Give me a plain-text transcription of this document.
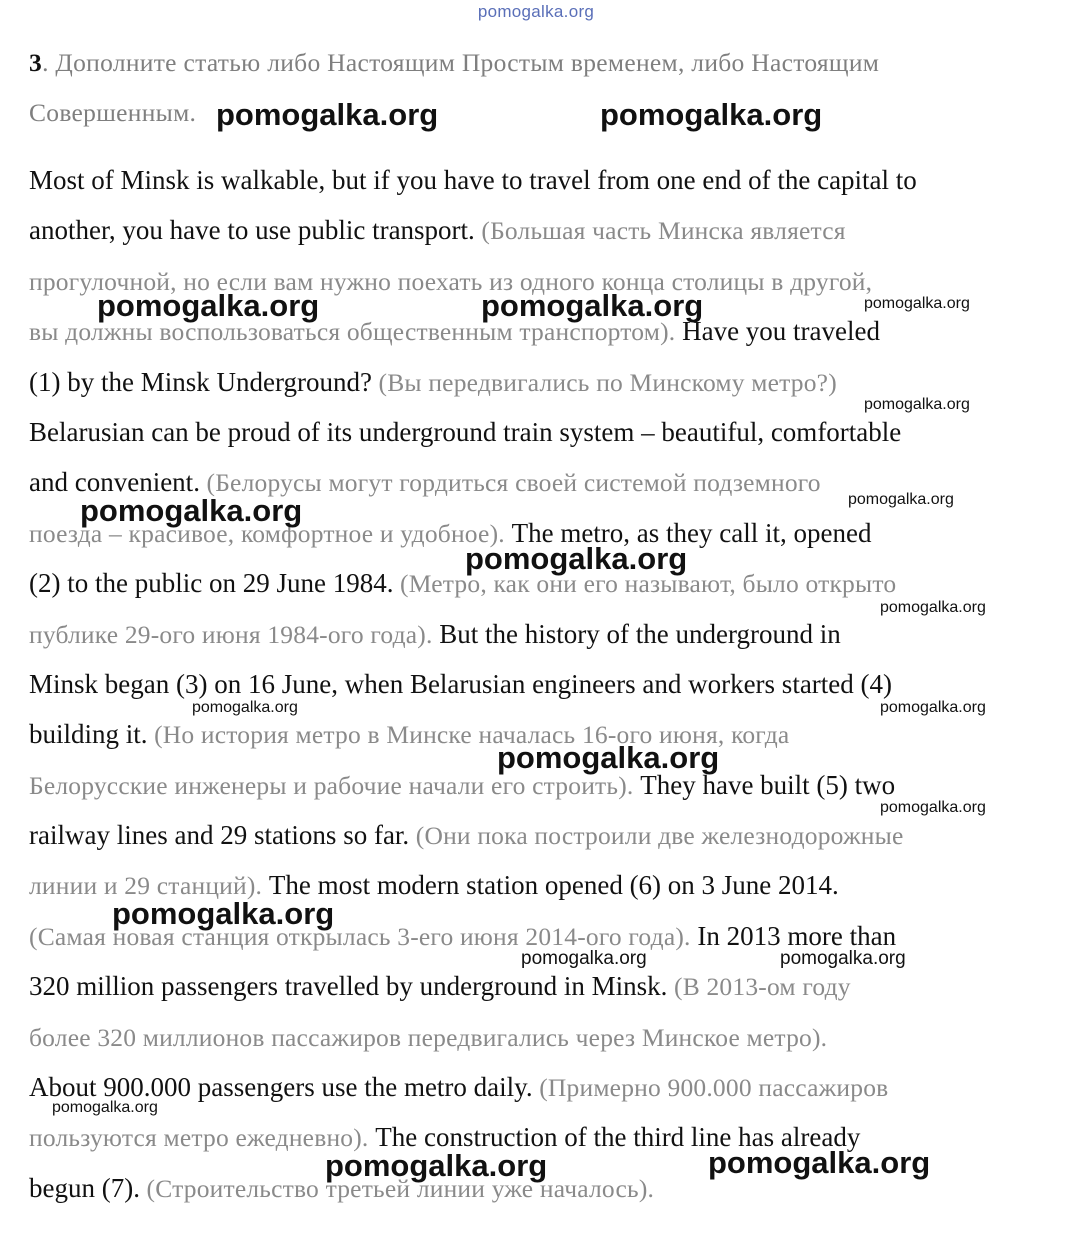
pomogalka.org
3. Дополните статью либо Настоящим Простым временем, либо Настоящим
Совершенным.
Most of Minsk is walkable, but if you have to travel from one end of the capital to
another, you have to use public transport. (Большая часть Минска является
прогулочной, но если вам нужно поехать из одного конца столицы в другой,
вы должны воспользоваться общественным транспортом). Have you traveled
(1) by the Minsk Underground? (Вы передвигались по Минскому метро?)
Belarusian can be proud of its underground train system – beautiful, comfortable
and convenient. (Белорусы могут гордиться своей системой подземного
поезда – красивое, комфортное и удобное). The metro, as they call it, opened
(2) to the public on 29 June 1984. (Метро, как они его называют, было открыто
публике 29-ого июня 1984-ого года). But the history of the underground in
Minsk began (3) on 16 June, when Belarusian engineers and workers started (4)
building it. (Но история метро в Минске началась 16-ого июня, когда
Белорусские инженеры и рабочие начали его строить). They have built (5) two
railway lines and 29 stations so far. (Они пока построили две железнодорожные
линии и 29 станций). The most modern station opened (6) on 3 June 2014.
(Самая новая станция открылась 3-его июня 2014-ого года). In 2013 more than
320 million passengers travelled by underground in Minsk. (В 2013-ом году
более 320 миллионов пассажиров передвигались через Минское метро).
About 900.000 passengers use the metro daily. (Примерно 900.000 пассажиров
пользуются метро ежедневно). The construction of the third line has already
begun (7). (Строительство третьей линии уже началось).
pomogalka.org	pomogalka.org
pomogalka.org	pomogalka.org
pomogalka.org
pomogalka.org
pomogalka.org
pomogalka.org
pomogalka.org	pomogalka.org
pomogalka.org
pomogalka.org
pomogalka.org
pomogalka.org
pomogalka.org	pomogalka.org
pomogalka.org
pomogalka.org	pomogalka.org
pomogalka.org
